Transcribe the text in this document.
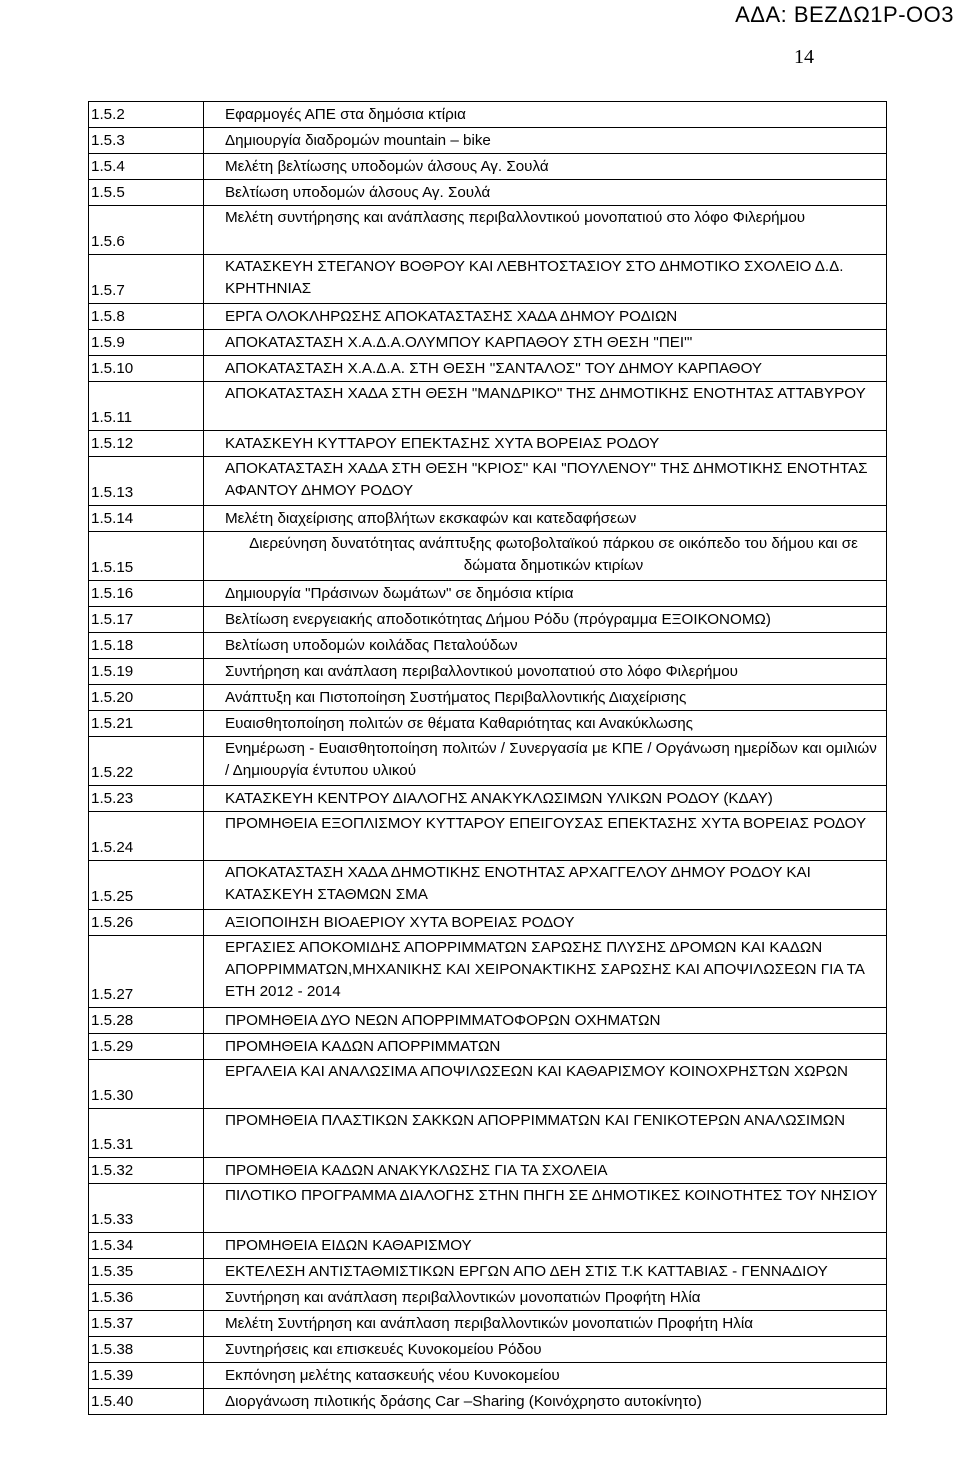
ΑΔΑ: ΒΕΖΔΩ1Ρ-ΟΟ3
14
1.5.2	Εφαρμογές ΑΠΕ στα δημόσια κτίρια
1.5.3	Δημιουργία διαδρομών mountain – bike
1.5.4	Μελέτη βελτίωσης υποδομών άλσους Αγ. Σουλά
1.5.5	Βελτίωση υποδομών άλσους Αγ. Σουλά
1.5.6	Μελέτη συντήρησης και ανάπλασης περιβαλλοντικού μονοπατιού στο λόφο Φιλερήμου
1.5.7	ΚΑΤΑΣΚΕΥΗ ΣΤΕΓΑΝΟΥ ΒΟΘΡΟΥ ΚΑΙ ΛΕΒΗΤΟΣΤΑΣΙΟΥ ΣΤΟ ΔΗΜΟΤΙΚΟ ΣΧΟΛΕΙΟ Δ.Δ. ΚΡΗΤΗΝΙΑΣ
1.5.8	ΕΡΓΑ ΟΛΟΚΛΗΡΩΣΗΣ ΑΠΟΚΑΤΑΣΤΑΣΗΣ ΧΑΔΑ ΔΗΜΟΥ ΡΟΔΙΩΝ
1.5.9	ΑΠΟΚΑΤΑΣΤΑΣΗ Χ.Α.Δ.Α.ΟΛΥΜΠΟΥ ΚΑΡΠΑΘΟΥ ΣΤΗ ΘΕΣΗ "ΠΕΙ"'
1.5.10	ΑΠΟΚΑΤΑΣΤΑΣΗ Χ.Α.Δ.Α. ΣΤΗ ΘΕΣΗ ''ΣΑΝΤΑΛΟΣ'' ΤΟΥ ΔΗΜΟΥ ΚΑΡΠΑΘΟΥ
1.5.11	ΑΠΟΚΑΤΑΣΤΑΣΗ ΧΑΔΑ ΣΤΗ ΘΕΣΗ "ΜΑΝΔΡΙΚΟ" ΤΗΣ ΔΗΜΟΤΙΚΗΣ ΕΝΟΤΗΤΑΣ ΑΤΤΑΒΥΡΟΥ
1.5.12	ΚΑΤΑΣΚΕΥΗ ΚΥΤΤΑΡΟΥ ΕΠΕΚΤΑΣΗΣ ΧΥΤΑ ΒΟΡΕΙΑΣ ΡΟΔΟΥ
1.5.13	ΑΠΟΚΑΤΑΣΤΑΣΗ ΧΑΔΑ ΣΤΗ ΘΕΣΗ "ΚΡΙΟΣ" ΚΑΙ "ΠΟΥΛΕΝΟΥ" ΤΗΣ ΔΗΜΟΤΙΚΗΣ ΕΝΟΤΗΤΑΣ ΑΦΑΝΤΟΥ ΔΗΜΟΥ ΡΟΔΟΥ
1.5.14	Μελέτη διαχείρισης αποβλήτων εκσκαφών και κατεδαφήσεων
1.5.15	Διερεύνηση δυνατότητας ανάπτυξης φωτοβολταϊκού πάρκου σε οικόπεδο του δήμου και σε δώματα δημοτικών κτιρίων
1.5.16	Δημιουργία "Πράσινων δωμάτων" σε δημόσια κτίρια
1.5.17	Βελτίωση ενεργειακής αποδοτικότητας Δήμου Ρόδυ (πρόγραμμα ΕΞΟΙΚΟΝΟΜΩ)
1.5.18	Βελτίωση υποδομών κοιλάδας Πεταλούδων
1.5.19	Συντήρηση και ανάπλαση περιβαλλοντικού μονοπατιού στο λόφο Φιλερήμου
1.5.20	Ανάπτυξη και Πιστοποίηση Συστήματος Περιβαλλοντικής Διαχείρισης
1.5.21	Ευαισθητοποίηση πολιτών σε θέματα Καθαριότητας και Ανακύκλωσης
1.5.22	Ενημέρωση - Ευαισθητοποίηση πολιτών / Συνεργασία με ΚΠΕ / Οργάνωση ημερίδων και ομιλιών / Δημιουργία έντυπου υλικού
1.5.23	ΚΑΤΑΣΚΕΥΗ ΚΕΝΤΡΟΥ ΔΙΑΛΟΓΗΣ ΑΝΑΚΥΚΛΩΣΙΜΩΝ ΥΛΙΚΩΝ ΡΟΔΟΥ (ΚΔΑΥ)
1.5.24	ΠΡΟΜΗΘΕΙΑ ΕΞΟΠΛΙΣΜΟΥ ΚΥΤΤΑΡΟΥ ΕΠΕΙΓΟΥΣΑΣ ΕΠΕΚΤΑΣΗΣ ΧΥΤΑ ΒΟΡΕΙΑΣ ΡΟΔΟΥ
1.5.25	ΑΠΟΚΑΤΑΣΤΑΣΗ ΧΑΔΑ ΔΗΜΟΤΙΚΗΣ ΕΝΟΤΗΤΑΣ ΑΡΧΑΓΓΕΛΟΥ ΔΗΜΟΥ ΡΟΔΟΥ ΚΑΙ ΚΑΤΑΣΚΕΥΗ ΣΤΑΘΜΩΝ ΣΜΑ
1.5.26	ΑΞΙΟΠΟΙΗΣΗ ΒΙΟΑΕΡΙΟΥ ΧΥΤΑ ΒΟΡΕΙΑΣ ΡΟΔΟΥ
1.5.27	ΕΡΓΑΣΙΕΣ ΑΠΟΚΟΜΙΔΗΣ ΑΠΟΡΡΙΜΜΑΤΩΝ ΣΑΡΩΣΗΣ ΠΛΥΣΗΣ ΔΡΟΜΩΝ ΚΑΙ ΚΑΔΩΝ ΑΠΟΡΡΙΜΜΑΤΩΝ,ΜΗΧΑΝΙΚΗΣ ΚΑΙ ΧΕΙΡΟΝΑΚΤΙΚΗΣ ΣΑΡΩΣΗΣ ΚΑΙ ΑΠΟΨΙΛΩΣΕΩΝ ΓΙΑ ΤΑ ΕΤΗ 2012 - 2014
1.5.28	ΠΡΟΜΗΘΕΙΑ ΔΥΟ ΝΕΩΝ ΑΠΟΡΡΙΜΜΑΤΟΦΟΡΩΝ ΟΧΗΜΑΤΩΝ
1.5.29	ΠΡΟΜΗΘΕΙΑ ΚΑΔΩΝ ΑΠΟΡΡΙΜΜΑΤΩΝ
1.5.30	ΕΡΓΑΛΕΙΑ ΚΑΙ ΑΝΑΛΩΣΙΜΑ ΑΠΟΨΙΛΩΣΕΩΝ ΚΑΙ ΚΑΘΑΡΙΣΜΟΥ ΚΟΙΝΟΧΡΗΣΤΩΝ ΧΩΡΩΝ
1.5.31	ΠΡΟΜΗΘΕΙΑ ΠΛΑΣΤΙΚΩΝ ΣΑΚΚΩΝ ΑΠΟΡΡΙΜΜΑΤΩΝ ΚΑΙ ΓΕΝΙΚΟΤΕΡΩΝ ΑΝΑΛΩΣΙΜΩΝ
1.5.32	ΠΡΟΜΗΘΕΙΑ ΚΑΔΩΝ ΑΝΑΚΥΚΛΩΣΗΣ ΓΙΑ ΤΑ ΣΧΟΛΕΙΑ
1.5.33	ΠΙΛΟΤΙΚΟ ΠΡΟΓΡΑΜΜΑ ΔΙΑΛΟΓΗΣ ΣΤΗΝ ΠΗΓΗ ΣΕ ΔΗΜΟΤΙΚΕΣ ΚΟΙΝΟΤΗΤΕΣ ΤΟΥ ΝΗΣΙΟΥ
1.5.34	ΠΡΟΜΗΘΕΙΑ ΕΙΔΩΝ ΚΑΘΑΡΙΣΜΟΥ
1.5.35	ΕΚΤΕΛΕΣΗ ΑΝΤΙΣΤΑΘΜΙΣΤΙΚΩΝ ΕΡΓΩΝ ΑΠΟ ΔΕΗ ΣΤΙΣ Τ.Κ ΚΑΤΤΑΒΙΑΣ - ΓΕΝΝΑΔΙΟΥ
1.5.36	Συντήρηση και ανάπλαση περιβαλλοντικών μονοπατιών Προφήτη Ηλία
1.5.37	Μελέτη Συντήρηση και ανάπλαση περιβαλλοντικών μονοπατιών Προφήτη Ηλία
1.5.38	Συντηρήσεις και επισκευές Κυνοκομείου Ρόδου
1.5.39	Εκπόνηση μελέτης κατασκευής νέου Κυνοκομείου
1.5.40	Διοργάνωση πιλοτικής δράσης Car –Sharing (Κοινόχρηστο αυτοκίνητο)
